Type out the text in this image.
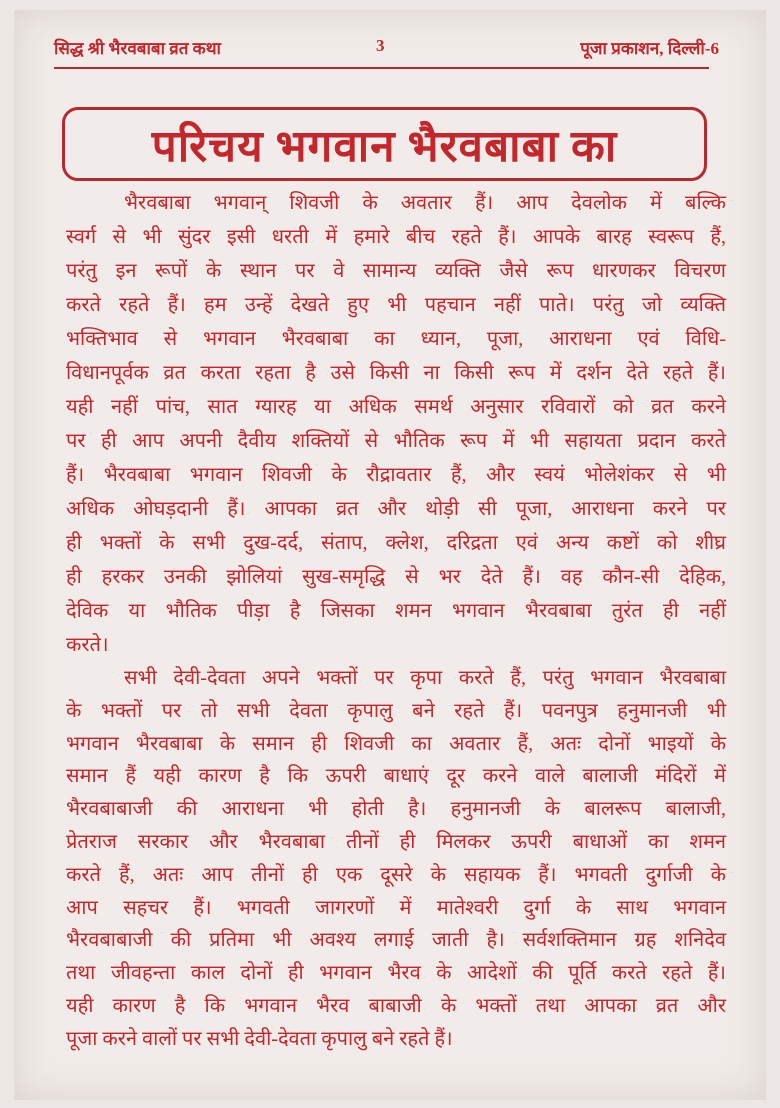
सिद्ध श्री भैरवबाबा व्रत कथा	3	पूजा प्रकाशन, दिल्ली-6
परिचय भगवान भैरवबाबा का
भैरवबाबा भगवान् शिवजी के अवतार हैं। आप देवलोक में बल्कि
स्वर्ग से भी सुंदर इसी धरती में हमारे बीच रहते हैं। आपके बारह स्वरूप हैं,
परंतु इन रूपों के स्थान पर वे सामान्य व्यक्ति जैसे रूप धारणकर विचरण
करते रहते हैं। हम उन्हें देखते हुए भी पहचान नहीं पाते। परंतु जो व्यक्ति
भक्तिभाव से भगवान भैरवबाबा का ध्यान, पूजा, आराधना एवं विधि-
विधानपूर्वक व्रत करता रहता है उसे किसी ना किसी रूप में दर्शन देते रहते हैं।
यही नहीं पांच, सात ग्यारह या अधिक समर्थ अनुसार रविवारों को व्रत करने
पर ही आप अपनी दैवीय शक्तियों से भौतिक रूप में भी सहायता प्रदान करते
हैं। भैरवबाबा भगवान शिवजी के रौद्रावतार हैं, और स्वयं भोलेशंकर से भी
अधिक ओघड़दानी हैं। आपका व्रत और थोड़ी सी पूजा, आराधना करने पर
ही भक्तों के सभी दुख-दर्द, संताप, क्लेश, दरिद्रता एवं अन्य कष्टों को शीघ्र
ही हरकर उनकी झोलियां सुख-समृद्धि से भर देते हैं। वह कौन-सी देहिक,
देविक या भौतिक पीड़ा है जिसका शमन भगवान भैरवबाबा तुरंत ही नहीं
करते।
सभी देवी-देवता अपने भक्तों पर कृपा करते हैं, परंतु भगवान भैरवबाबा
के भक्तों पर तो सभी देवता कृपालु बने रहते हैं। पवनपुत्र हनुमानजी भी
भगवान भैरवबाबा के समान ही शिवजी का अवतार हैं, अतः दोनों भाइयों के
समान हैं यही कारण है कि ऊपरी बाधाएं दूर करने वाले बालाजी मंदिरों में
भैरवबाबाजी की आराधना भी होती है। हनुमानजी के बालरूप बालाजी,
प्रेतराज सरकार और भैरवबाबा तीनों ही मिलकर ऊपरी बाधाओं का शमन
करते हैं, अतः आप तीनों ही एक दूसरे के सहायक हैं। भगवती दुर्गाजी के
आप सहचर हैं। भगवती जागरणों में मातेश्वरी दुर्गा के साथ भगवान
भैरवबाबाजी की प्रतिमा भी अवश्य लगाई जाती है। सर्वशक्तिमान ग्रह शनिदेव
तथा जीवहन्ता काल दोनों ही भगवान भैरव के आदेशों की पूर्ति करते रहते हैं।
यही कारण है कि भगवान भैरव बाबाजी के भक्तों तथा आपका व्रत और
पूजा करने वालों पर सभी देवी-देवता कृपालु बने रहते हैं।
